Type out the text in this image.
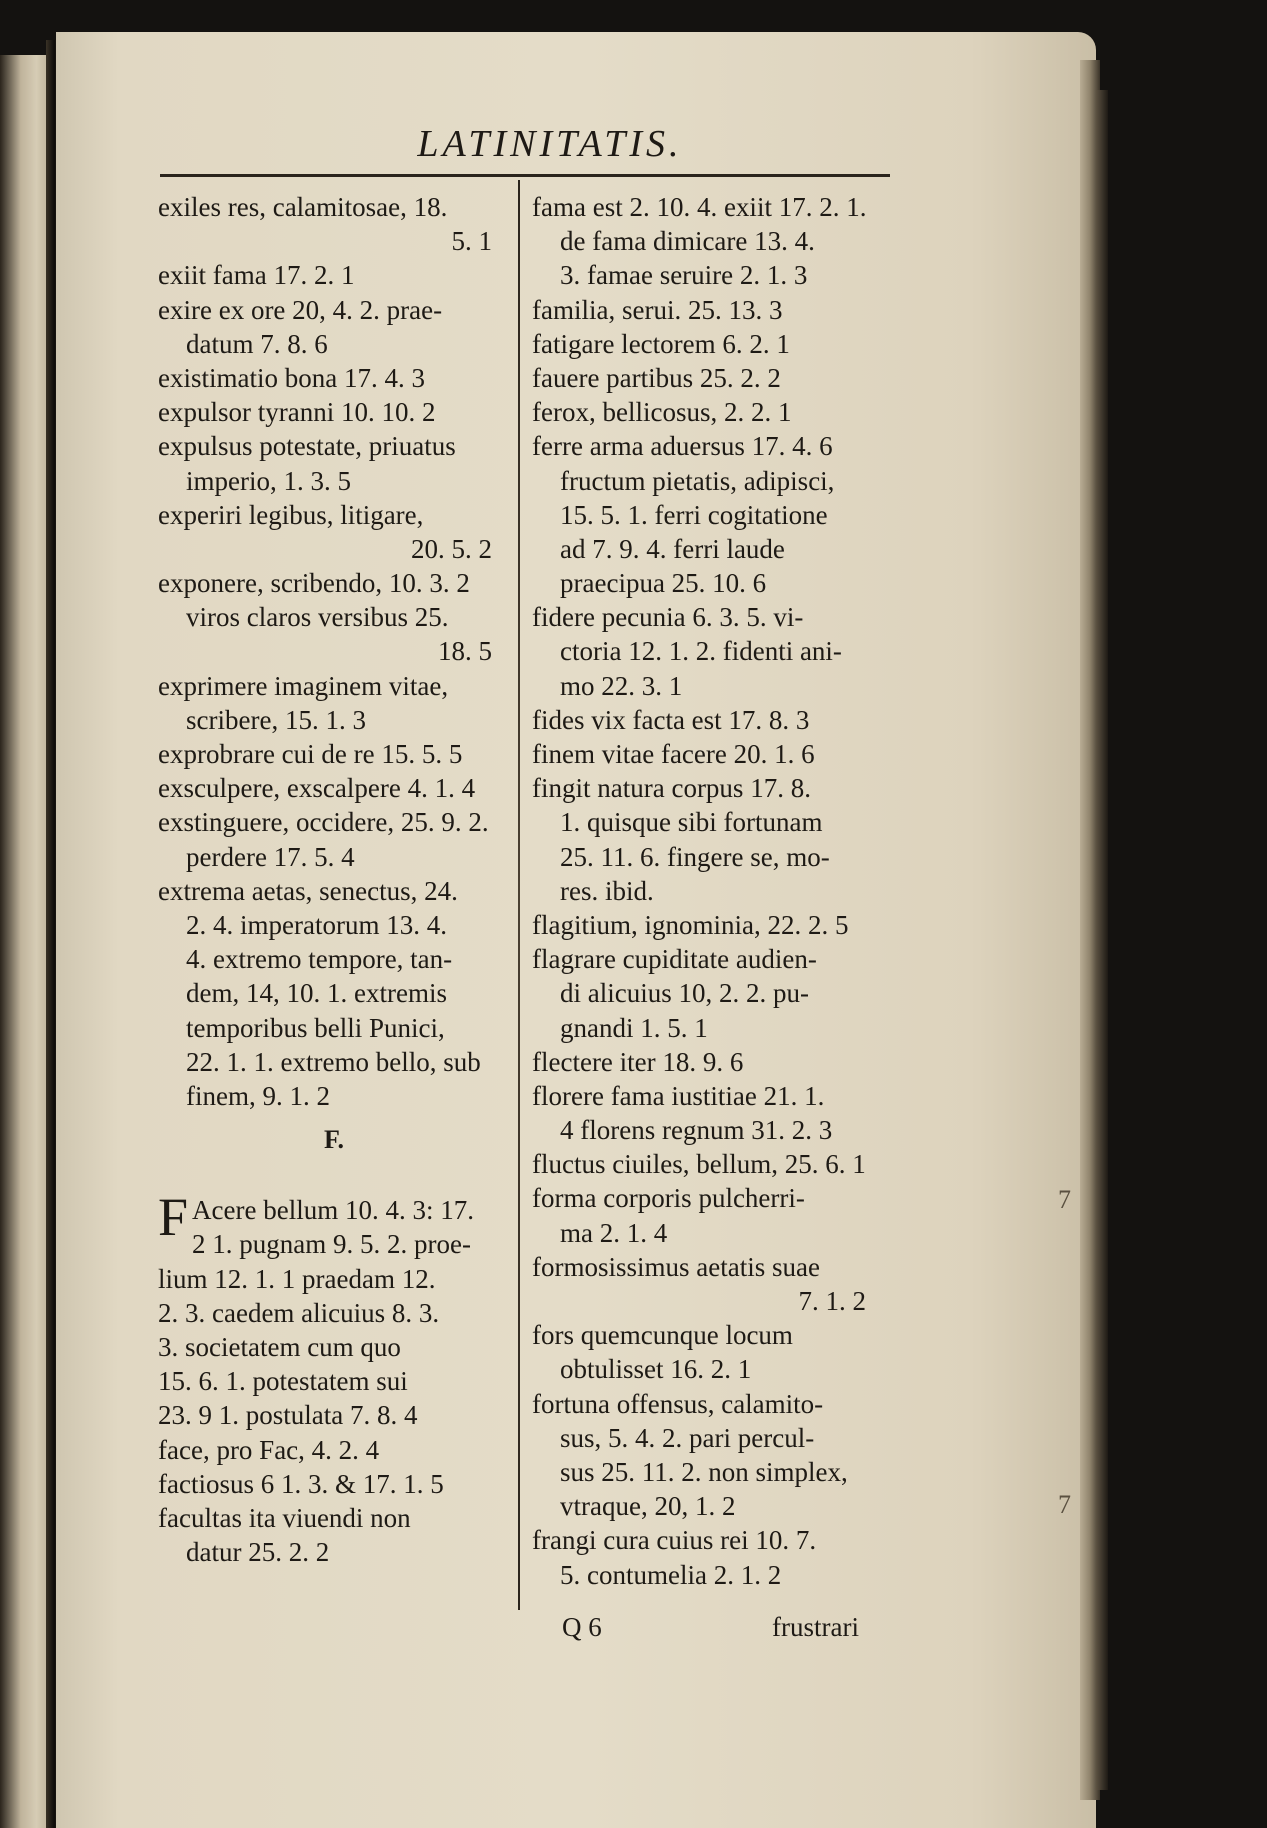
LATINITATIS.
exiles res, calamitosae, 18.
5. 1
exiit fama 17. 2. 1
exire ex ore 20, 4. 2. prae-
datum 7. 8. 6
existimatio bona 17. 4. 3
expulsor tyranni 10. 10. 2
expulsus potestate, priuatus
imperio, 1. 3. 5
experiri legibus, litigare,
20. 5. 2
exponere, scribendo, 10. 3. 2
viros claros versibus 25.
18. 5
exprimere imaginem vitae,
scribere, 15. 1. 3
exprobrare cui de re 15. 5. 5
exsculpere, exscalpere 4. 1. 4
exstinguere, occidere, 25. 9. 2.
perdere 17. 5. 4
extrema aetas, senectus, 24.
2. 4. imperatorum 13. 4.
4. extremo tempore, tan-
dem, 14, 10. 1. extremis
temporibus belli Punici,
22. 1. 1. extremo bello, sub
finem, 9. 1. 2
F.
F Acere bellum 10. 4. 3: 17.
2 1. pugnam 9. 5. 2. proe-
lium 12. 1. 1 praedam 12.
2. 3. caedem alicuius 8. 3.
3. societatem cum quo
15. 6. 1. potestatem sui
23. 9 1. postulata 7. 8. 4
face, pro Fac, 4. 2. 4
factiosus 6 1. 3. & 17. 1. 5
facultas ita viuendi non
datur 25. 2. 2
fama est 2. 10. 4. exiit 17. 2. 1.
de fama dimicare 13. 4.
3. famae seruire 2. 1. 3
familia, serui. 25. 13. 3
fatigare lectorem 6. 2. 1
fauere partibus 25. 2. 2
ferox, bellicosus, 2. 2. 1
ferre arma aduersus 17. 4. 6
fructum pietatis, adipisci,
15. 5. 1. ferri cogitatione
ad 7. 9. 4. ferri laude
praecipua 25. 10. 6
fidere pecunia 6. 3. 5. vi-
ctoria 12. 1. 2. fidenti ani-
mo 22. 3. 1
fides vix facta est 17. 8. 3
finem vitae facere 20. 1. 6
fingit natura corpus 17. 8.
1. quisque sibi fortunam
25. 11. 6. fingere se, mo-
res. ibid.
flagitium, ignominia, 22. 2. 5
flagrare cupiditate audien-
di alicuius 10, 2. 2. pu-
gnandi 1. 5. 1
flectere iter 18. 9. 6
florere fama iustitiae 21. 1.
4 florens regnum 31. 2. 3
fluctus ciuiles, bellum, 25. 6. 1
forma corporis pulcherri-
ma 2. 1. 4
formosissimus aetatis suae
7. 1. 2
fors quemcunque locum
obtulisset 16. 2. 1
fortuna offensus, calamito-
sus, 5. 4. 2. pari percul-
sus 25. 11. 2. non simplex,
vtraque, 20, 1. 2
frangi cura cuius rei 10. 7.
5. contumelia 2. 1. 2
Q 6	frustrari
7
7
